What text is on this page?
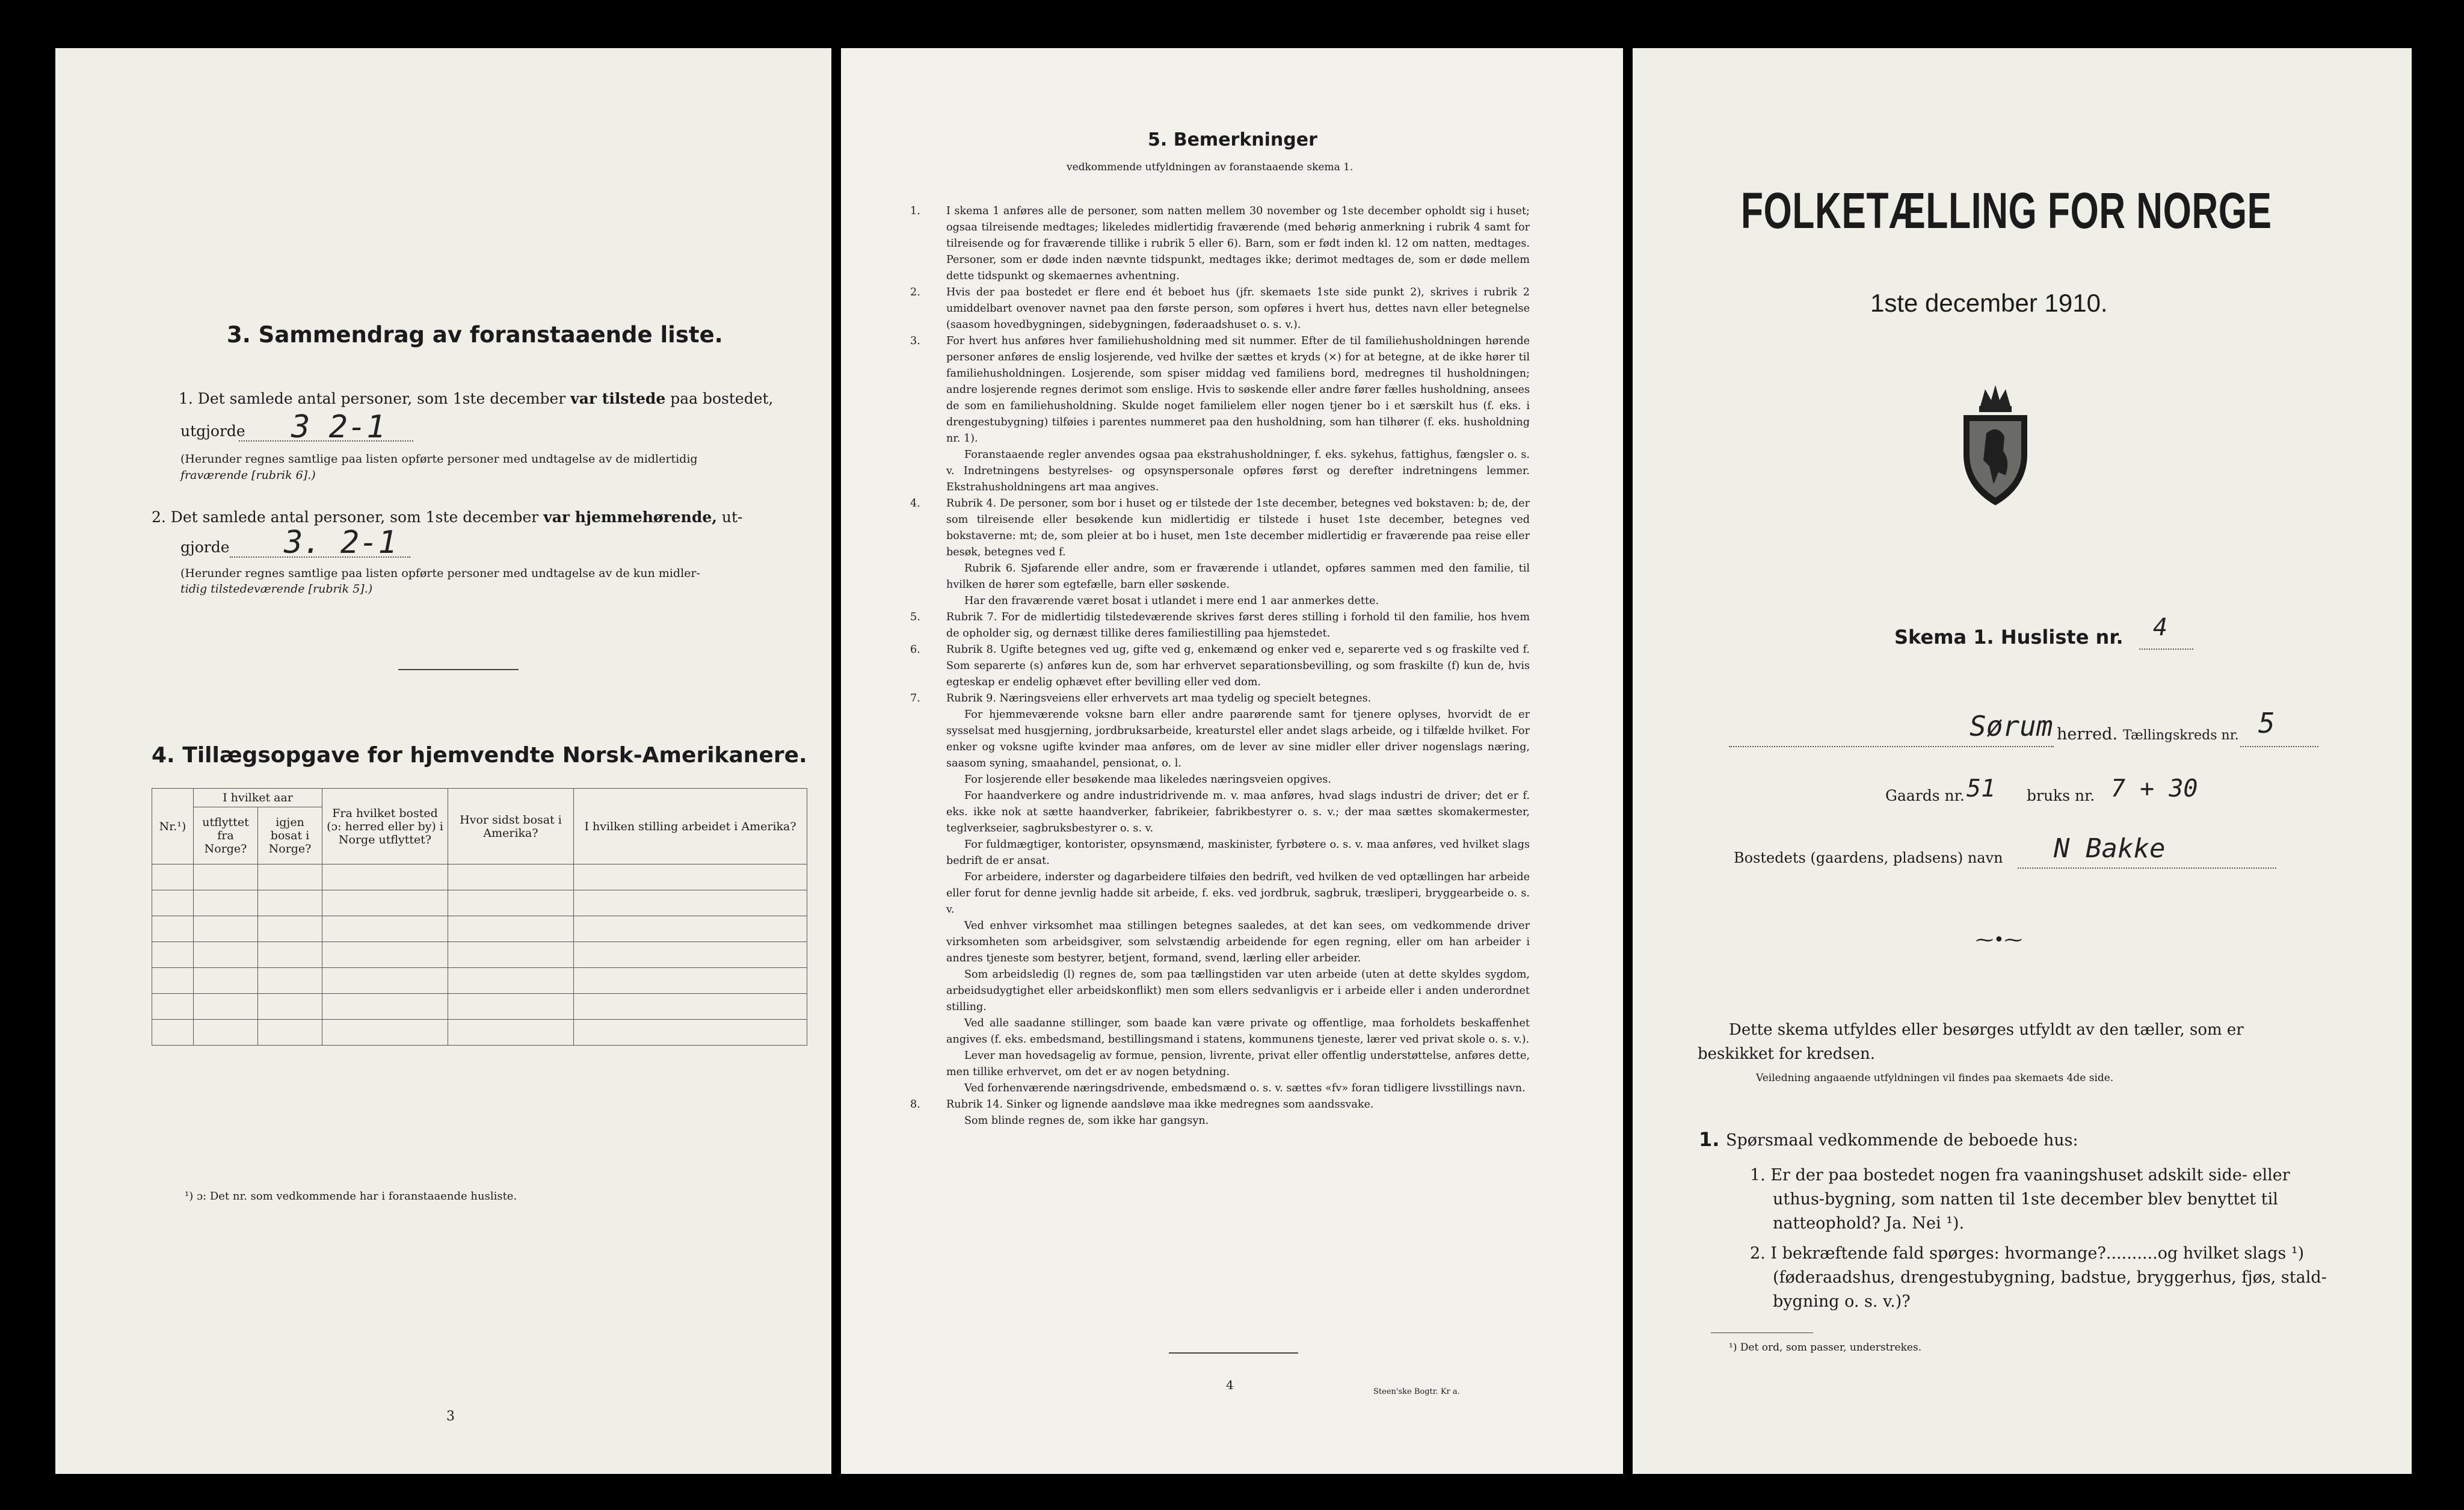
3. Sammendrag av foranstaaende liste.
1. Det samlede antal personer, som 1ste december var tilstede paa bostedet,
utgjorde 3 2-1
(Herunder regnes samtlige paa listen opførte personer med undtagelse av de midlertidig
fraværende [rubrik 6].)
2. Det samlede antal personer, som 1ste december var hjemmehørende, ut-
gjorde 3. 2-1
(Herunder regnes samtlige paa listen opførte personer med undtagelse av de kun midler-
tidig tilstedeværende [rubrik 5].)
4. Tillægsopgave for hjemvendte Norsk-Amerikanere.
Nr.¹)	I hvilket aar		Fra hvilket bosted (ɔ: herred eller by) i Norge utflyttet?	Hvor sidst bosat i Amerika?	I hvilken stilling arbeidet i Amerika?
	utflyttet fra Norge?	igjen bosat i Norge?			

¹) ɔ: Det nr. som vedkommende har i foranstaaende husliste.
3
5. Bemerkninger
vedkommende utfyldningen av foranstaaende skema 1.

1. I skema 1 anføres alle de personer, som natten mellem 30 november og 1ste december opholdt sig i huset; ogsaa tilreisende medtages; likeledes midlertidig fraværende (med behørig anmerkning i rubrik 4 samt for tilreisende og for fraværende tillike i rubrik 5 eller 6). Barn, som er født inden kl. 12 om natten, medtages. Personer, som er døde inden nævnte tidspunkt, medtages ikke; derimot medtages de, som er døde mellem dette tidspunkt og skemaernes avhentning.

2. Hvis der paa bostedet er flere end ét beboet hus (jfr. skemaets 1ste side punkt 2), skrives i rubrik 2 umiddelbart ovenover navnet paa den første person, som opføres i hvert hus, dettes navn eller betegnelse (saasom hovedbygningen, sidebygningen, føderaadshuset o. s. v.).

3. For hvert hus anføres hver familiehusholdning med sit nummer. Efter de til familiehusholdningen hørende personer anføres de enslig losjerende, ved hvilke der sættes et kryds (×) for at betegne, at de ikke hører til familiehusholdningen. Losjerende, som spiser middag ved familiens bord, medregnes til husholdningen; andre losjerende regnes derimot som enslige. Hvis to søskende eller andre fører fælles husholdning, ansees de som en familiehusholdning. Skulde noget familielem eller nogen tjener bo i et særskilt hus (f. eks. i drengestubygning) tilføies i parentes nummeret paa den husholdning, som han tilhører (f. eks. husholdning nr. 1).

Foranstaaende regler anvendes ogsaa paa ekstrahusholdninger, f. eks. sykehus, fattighus, fængsler o. s. v. Indretningens bestyrelses- og opsynspersonale opføres først og derefter indretningens lemmer. Ekstrahusholdningens art maa angives.

4. Rubrik 4. De personer, som bor i huset og er tilstede der 1ste december, betegnes ved bokstaven: b; de, der som tilreisende eller besøkende kun midlertidig er tilstede i huset 1ste december, betegnes ved bokstaverne: mt; de, som pleier at bo i huset, men 1ste december midlertidig er fraværende paa reise eller besøk, betegnes ved f.

Rubrik 6. Sjøfarende eller andre, som er fraværende i utlandet, opføres sammen med den familie, til hvilken de hører som egtefælle, barn eller søskende.

Har den fraværende været bosat i utlandet i mere end 1 aar anmerkes dette.

5. Rubrik 7. For de midlertidig tilstedeværende skrives først deres stilling i forhold til den familie, hos hvem de opholder sig, og dernæst tillike deres familiestilling paa hjemstedet.

6. Rubrik 8. Ugifte betegnes ved ug, gifte ved g, enkemænd og enker ved e, separerte ved s og fraskilte ved f. Som separerte (s) anføres kun de, som har erhvervet separationsbevilling, og som fraskilte (f) kun de, hvis egteskap er endelig ophævet efter bevilling eller ved dom.

7. Rubrik 9. Næringsveiens eller erhvervets art maa tydelig og specielt betegnes.

For hjemmeværende voksne barn eller andre paarørende samt for tjenere oplyses, hvorvidt de er sysselsat med husgjerning, jordbruksarbeide, kreaturstel eller andet slags arbeide, og i tilfælde hvilket. For enker og voksne ugifte kvinder maa anføres, om de lever av sine midler eller driver nogenslags næring, saasom syning, smaahandel, pensionat, o. l.

For losjerende eller besøkende maa likeledes næringsveien opgives.

For haandverkere og andre industridrivende m. v. maa anføres, hvad slags industri de driver; det er f. eks. ikke nok at sætte haandverker, fabrikeier, fabrikbestyrer o. s. v.; der maa sættes skomakermester, teglverkseier, sagbruksbestyrer o. s. v.

For fuldmægtiger, kontorister, opsynsmænd, maskinister, fyrbøtere o. s. v. maa anføres, ved hvilket slags bedrift de er ansat.

For arbeidere, inderster og dagarbeidere tilføies den bedrift, ved hvilken de ved optællingen har arbeide eller forut for denne jevnlig hadde sit arbeide, f. eks. ved jordbruk, sagbruk, træsliperi, bryggearbeide o. s. v.

Ved enhver virksomhet maa stillingen betegnes saaledes, at det kan sees, om vedkommende driver virksomheten som arbeidsgiver, som selvstændig arbeidende for egen regning, eller om han arbeider i andres tjeneste som bestyrer, betjent, formand, svend, lærling eller arbeider.

Som arbeidsledig (l) regnes de, som paa tællingstiden var uten arbeide (uten at dette skyldes sygdom, arbeidsudygtighet eller arbeidskonflikt) men som ellers sedvanligvis er i arbeide eller i anden underordnet stilling.

Ved alle saadanne stillinger, som baade kan være private og offentlige, maa forholdets beskaffenhet angives (f. eks. embedsmand, bestillingsmand i statens, kommunens tjeneste, lærer ved privat skole o. s. v.).

Lever man hovedsagelig av formue, pension, livrente, privat eller offentlig understøttelse, anføres dette, men tillike erhvervet, om det er av nogen betydning.

Ved forhenværende næringsdrivende, embedsmænd o. s. v. sættes «fv» foran tidligere livsstillings navn.

8. Rubrik 14. Sinker og lignende aandsløve maa ikke medregnes som aandssvake.

Som blinde regnes de, som ikke har gangsyn.

4	Steen'ske Bogtr. Kr a.
FOLKETÆLLING FOR NORGE
1ste december 1910.
Skema 1. Husliste nr. 4
Sørum herred. Tællingskreds nr. 5
Gaards nr. 51 bruks nr. 7 + 30
Bostedets (gaardens, pladsens) navn N Bakke
⁓•⁓
Dette skema utfyldes eller besørges utfyldt av den tæller, som er
beskikket for kredsen.
Veiledning angaaende utfyldningen vil findes paa skemaets 4de side.
1. Spørsmaal vedkommende de beboede hus:
1. Er der paa bostedet nogen fra vaaningshuset adskilt side- eller
uthus-bygning, som natten til 1ste december blev benyttet til
natteophold? Ja. Nei ¹).
2. I bekræftende fald spørges: hvormange?..........og hvilket slags ¹)
(føderaadshus, drengestubygning, badstue, bryggerhus, fjøs, stald-
bygning o. s. v.)?
¹) Det ord, som passer, understrekes.
